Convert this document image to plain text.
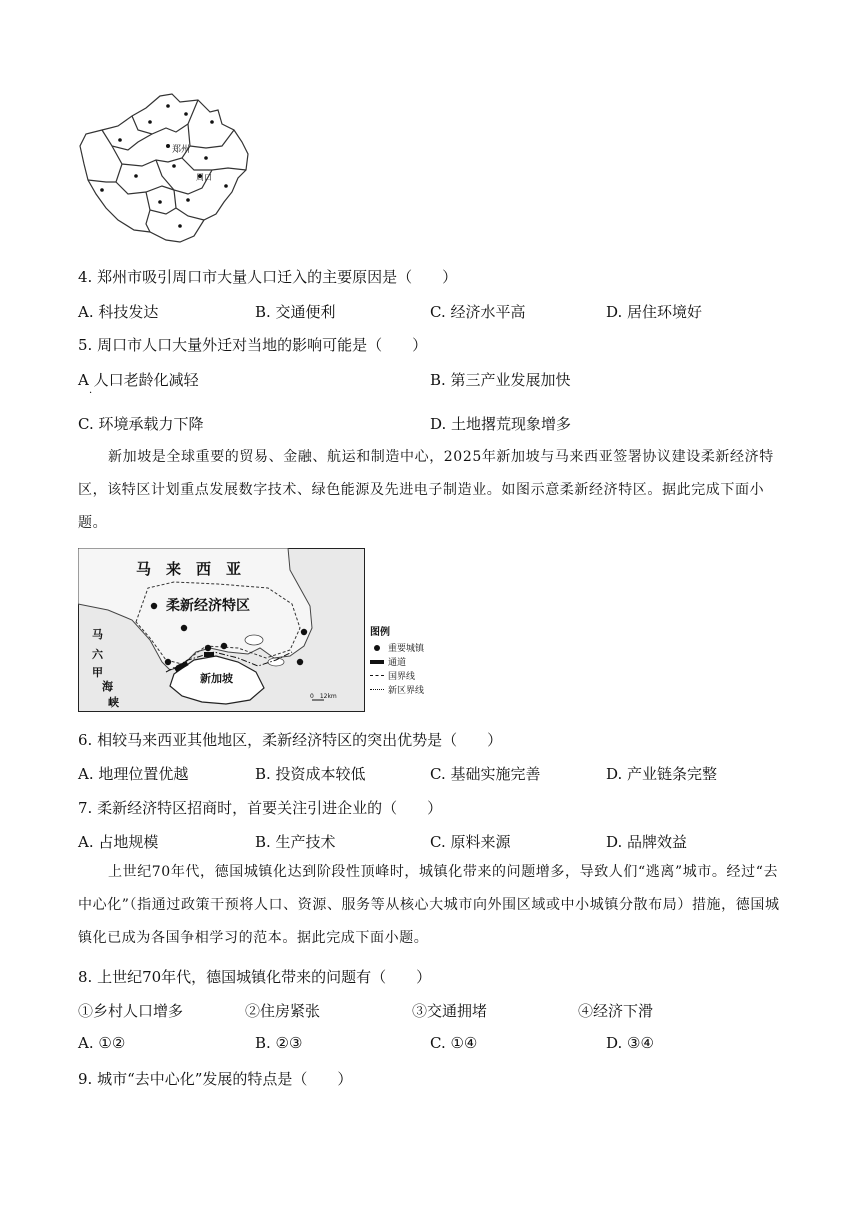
郑州
周口
4. 郑州市吸引周口市大量人口迁入的主要原因是（　　）
A. 科技发达	B. 交通便利	C. 经济水平高	D. 居住环境好
5. 周口市人口大量外迁对当地的影响可能是（　　）
A 人口老龄化减轻
·
B. 第三产业发展加快
C. 环境承载力下降	D. 土地撂荒现象增多
新加坡是全球重要的贸易、金融、航运和制造中心，2025年新加坡与马来西亚签署协议建设柔新经济特区，该特区计划重点发展数字技术、绿色能源及先进电子制造业。如图示意柔新经济特区。据此完成下面小题。
马　来　西　亚
柔新经济特区
新加坡
马
六
甲
海
峡	0　12km
图例
重要城镇
通道
国界线
新区界线
6. 相较马来西亚其他地区，柔新经济特区的突出优势是（　　）
A. 地理位置优越	B. 投资成本较低	C. 基础实施完善	D. 产业链条完整
7. 柔新经济特区招商时，首要关注引进企业的（　　）
A. 占地规模	B. 生产技术	C. 原料来源	D. 品牌效益
上世纪70年代，德国城镇化达到阶段性顶峰时，城镇化带来的问题增多，导致人们“逃离”城市。经过“去中心化”（指通过政策干预将人口、资源、服务等从核心大城市向外围区域或中小城镇分散布局）措施，德国城镇化已成为各国争相学习的范本。据此完成下面小题。
8. 上世纪70年代，德国城镇化带来的问题有（　　）
①乡村人口增多	②住房紧张	③交通拥堵	④经济下滑
A. ①②	B. ②③	C. ①④	D. ③④
9. 城市“去中心化”发展的特点是（　　）
